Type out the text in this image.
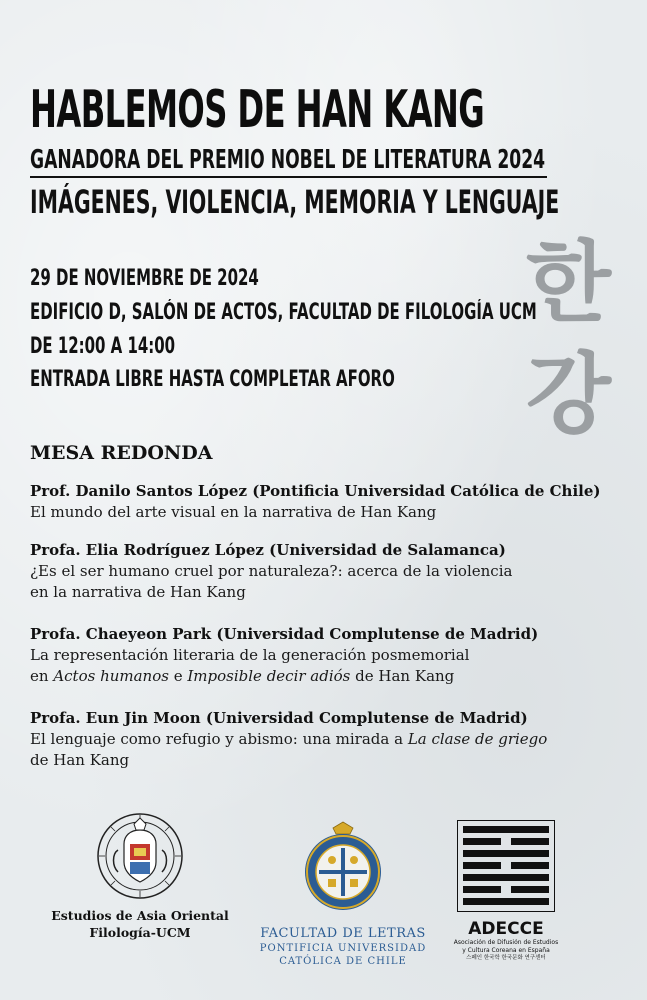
HABLEMOS DE HAN KANG
GANADORA DEL PREMIO NOBEL DE LITERATURA 2024
IMÁGENES, VIOLENCIA, MEMORIA Y LENGUAJE
29 DE NOVIEMBRE DE 2024
EDIFICIO D, SALÓN DE ACTOS, FACULTAD DE FILOLOGÍA UCM
DE 12:00 A 14:00
ENTRADA LIBRE HASTA COMPLETAR AFORO
한
강
MESA REDONDA
Prof. Danilo Santos López (Pontificia Universidad Católica de Chile)
El mundo del arte visual en la narrativa de Han Kang
Profa. Elia Rodríguez López (Universidad de Salamanca)
¿Es el ser humano cruel por naturaleza?: acerca de la violencia
en la narrativa de Han Kang
Profa. Chaeyeon Park (Universidad Complutense de Madrid)
La representación literaria de la generación posmemorial
en Actos humanos e Imposible decir adiós de Han Kang
Profa. Eun Jin Moon (Universidad Complutense de Madrid)
El lenguaje como refugio y abismo: una mirada a La clase de griego
de Han Kang
Estudios de Asia Oriental
Filología-UCM	FACULTAD DE LETRAS
PONTIFICIA UNIVERSIDAD
CATÓLICA DE CHILE
ADECCE
Asociación de Difusión de Estudios
y Cultura Coreana en España
스페인 한국학 한국문화 연구센터
